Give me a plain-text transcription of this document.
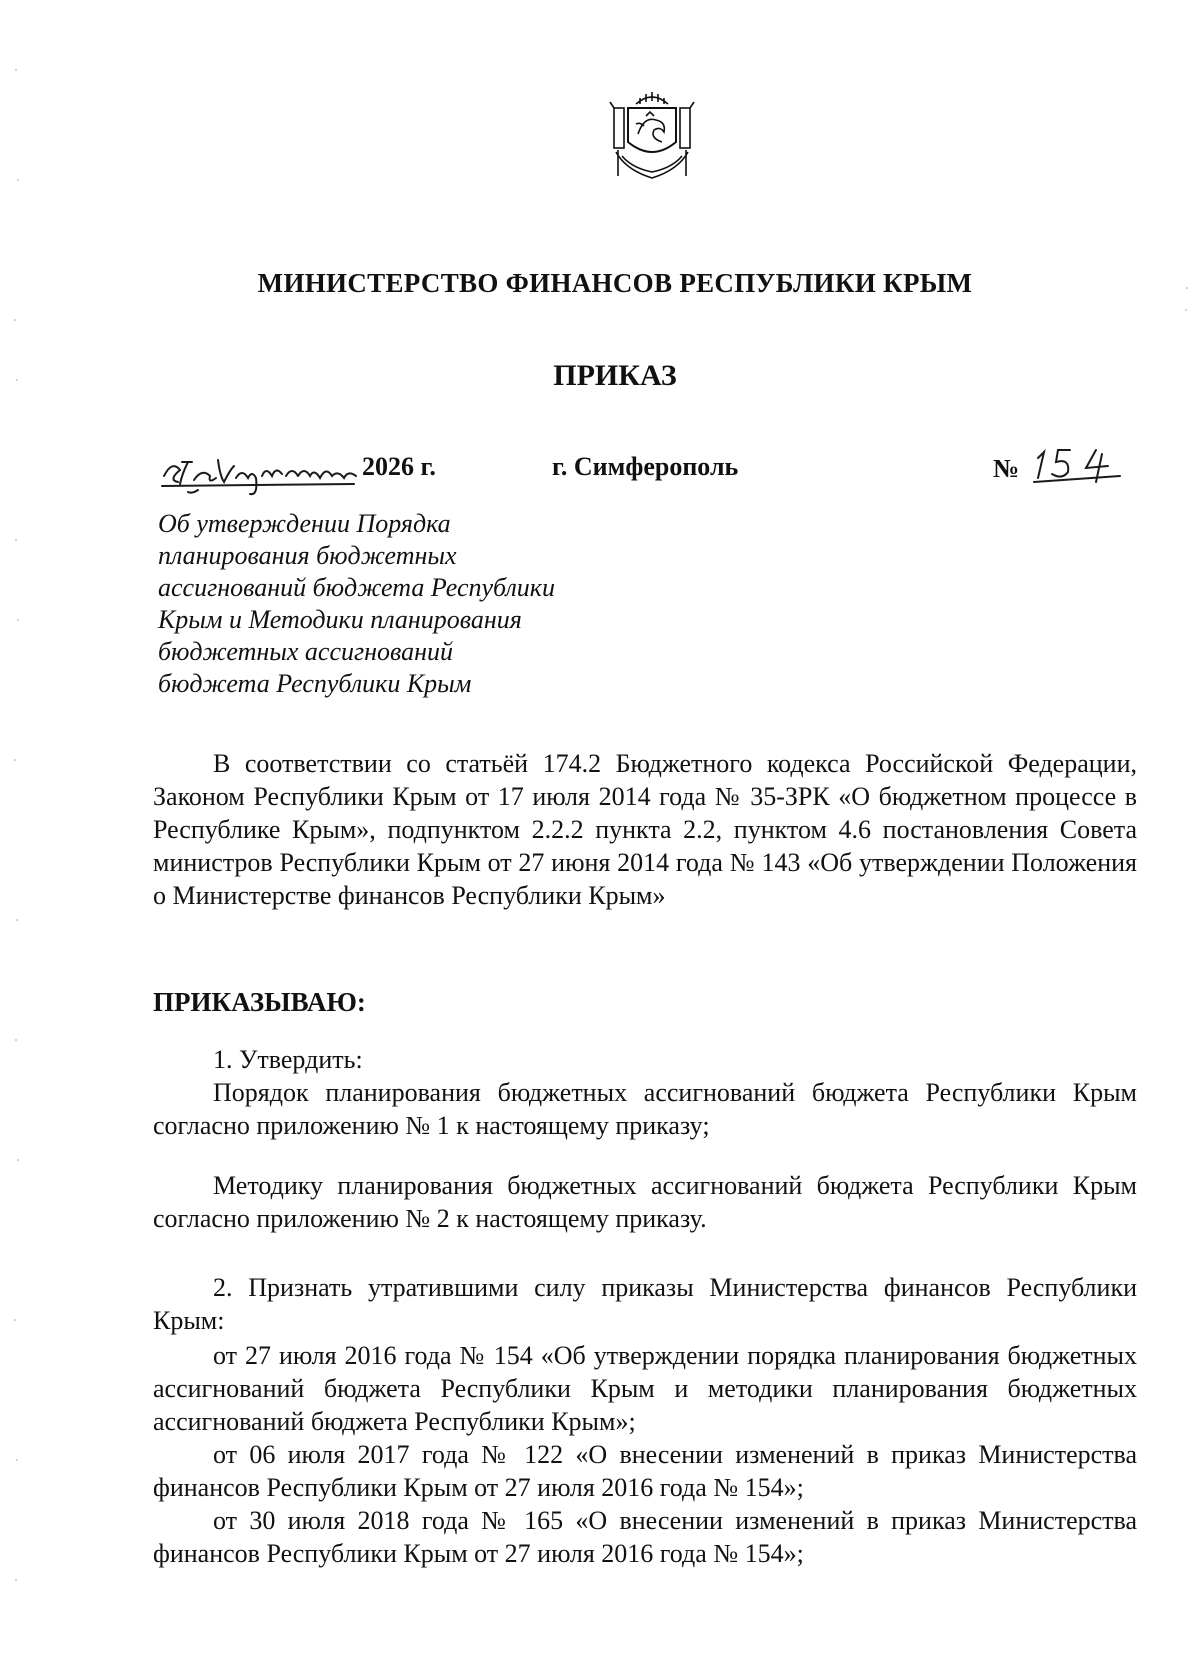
МИНИСТЕРСТВО ФИНАНСОВ РЕСПУБЛИКИ КРЫМ
ПРИКАЗ
2026 г.	г. Симферополь	№
Об утверждении Порядка
планирования бюджетных
ассигнований бюджета Республики
Крым и Методики планирования
бюджетных ассигнований
бюджета Республики Крым
В соответствии со статьёй 174.2 Бюджетного кодекса Российской Федерации, Законом Республики Крым от 17 июля 2014 года № 35-ЗРК «О бюджетном процессе в Республике Крым», подпунктом 2.2.2 пункта 2.2, пунктом 4.6 постановления Совета министров Республики Крым от 27 июня 2014 года № 143 «Об утверждении Положения о Министерстве финансов Республики Крым»
ПРИКАЗЫВАЮ:
1. Утвердить:
Порядок планирования бюджетных ассигнований бюджета Республики Крым согласно приложению № 1 к настоящему приказу;
Методику планирования бюджетных ассигнований бюджета Республики Крым согласно приложению № 2 к настоящему приказу.
2. Признать утратившими силу приказы Министерства финансов Республики Крым:

от 27 июля 2016 года № 154 «Об утверждении порядка планирования бюджетных ассигнований бюджета Республики Крым и методики планирования бюджетных ассигнований бюджета Республики Крым»;

от 06 июля 2017 года № 122 «О внесении изменений в приказ Министерства финансов Республики Крым от 27 июля 2016 года № 154»;

от 30 июля 2018 года № 165 «О внесении изменений в приказ Министерства финансов Республики Крым от 27 июля 2016 года № 154»;
